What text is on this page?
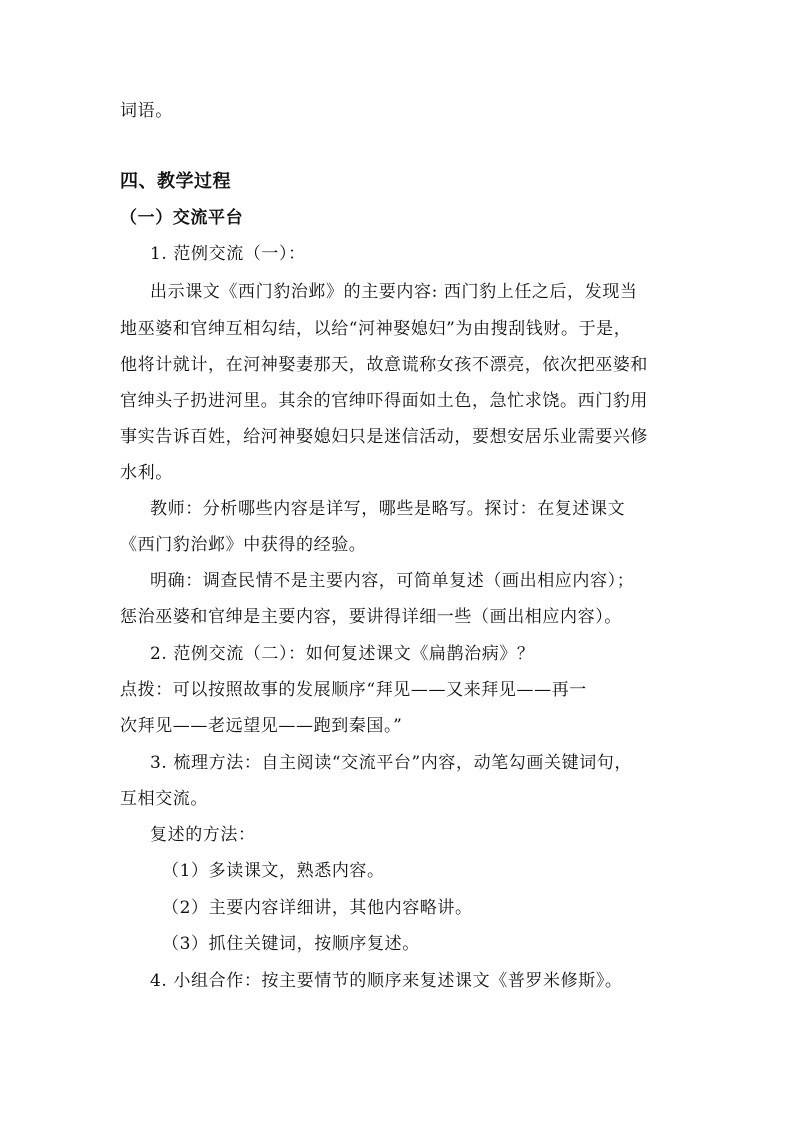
词语。
四、教学过程
（一）交流平台
1. 范例交流（一）：
出示课文《西门豹治邺》的主要内容: 西门豹上任之后，发现当
地巫婆和官绅互相勾结，以给“河神娶媳妇”为由搜刮钱财。于是，
他将计就计，在河神娶妻那天，故意谎称女孩不漂亮，依次把巫婆和
官绅头子扔进河里。其余的官绅吓得面如土色，急忙求饶。西门豹用
事实告诉百姓，给河神娶媳妇只是迷信活动，要想安居乐业需要兴修
水利。
教师：分析哪些内容是详写，哪些是略写。探讨：在复述课文
《西门豹治邺》中获得的经验。
明确：调查民情不是主要内容，可简单复述（画出相应内容）；
惩治巫婆和官绅是主要内容，要讲得详细一些（画出相应内容）。
2. 范例交流（二）：如何复述课文《扁鹊治病》？
点拨：可以按照故事的发展顺序“拜见——又来拜见——再一
次拜见——老远望见——跑到秦国。”
3. 梳理方法：自主阅读“交流平台”内容，动笔勾画关键词句，
互相交流。
复述的方法：
（1）多读课文，熟悉内容。
（2）主要内容详细讲，其他内容略讲。
（3）抓住关键词，按顺序复述。
4. 小组合作：按主要情节的顺序来复述课文《普罗米修斯》。
